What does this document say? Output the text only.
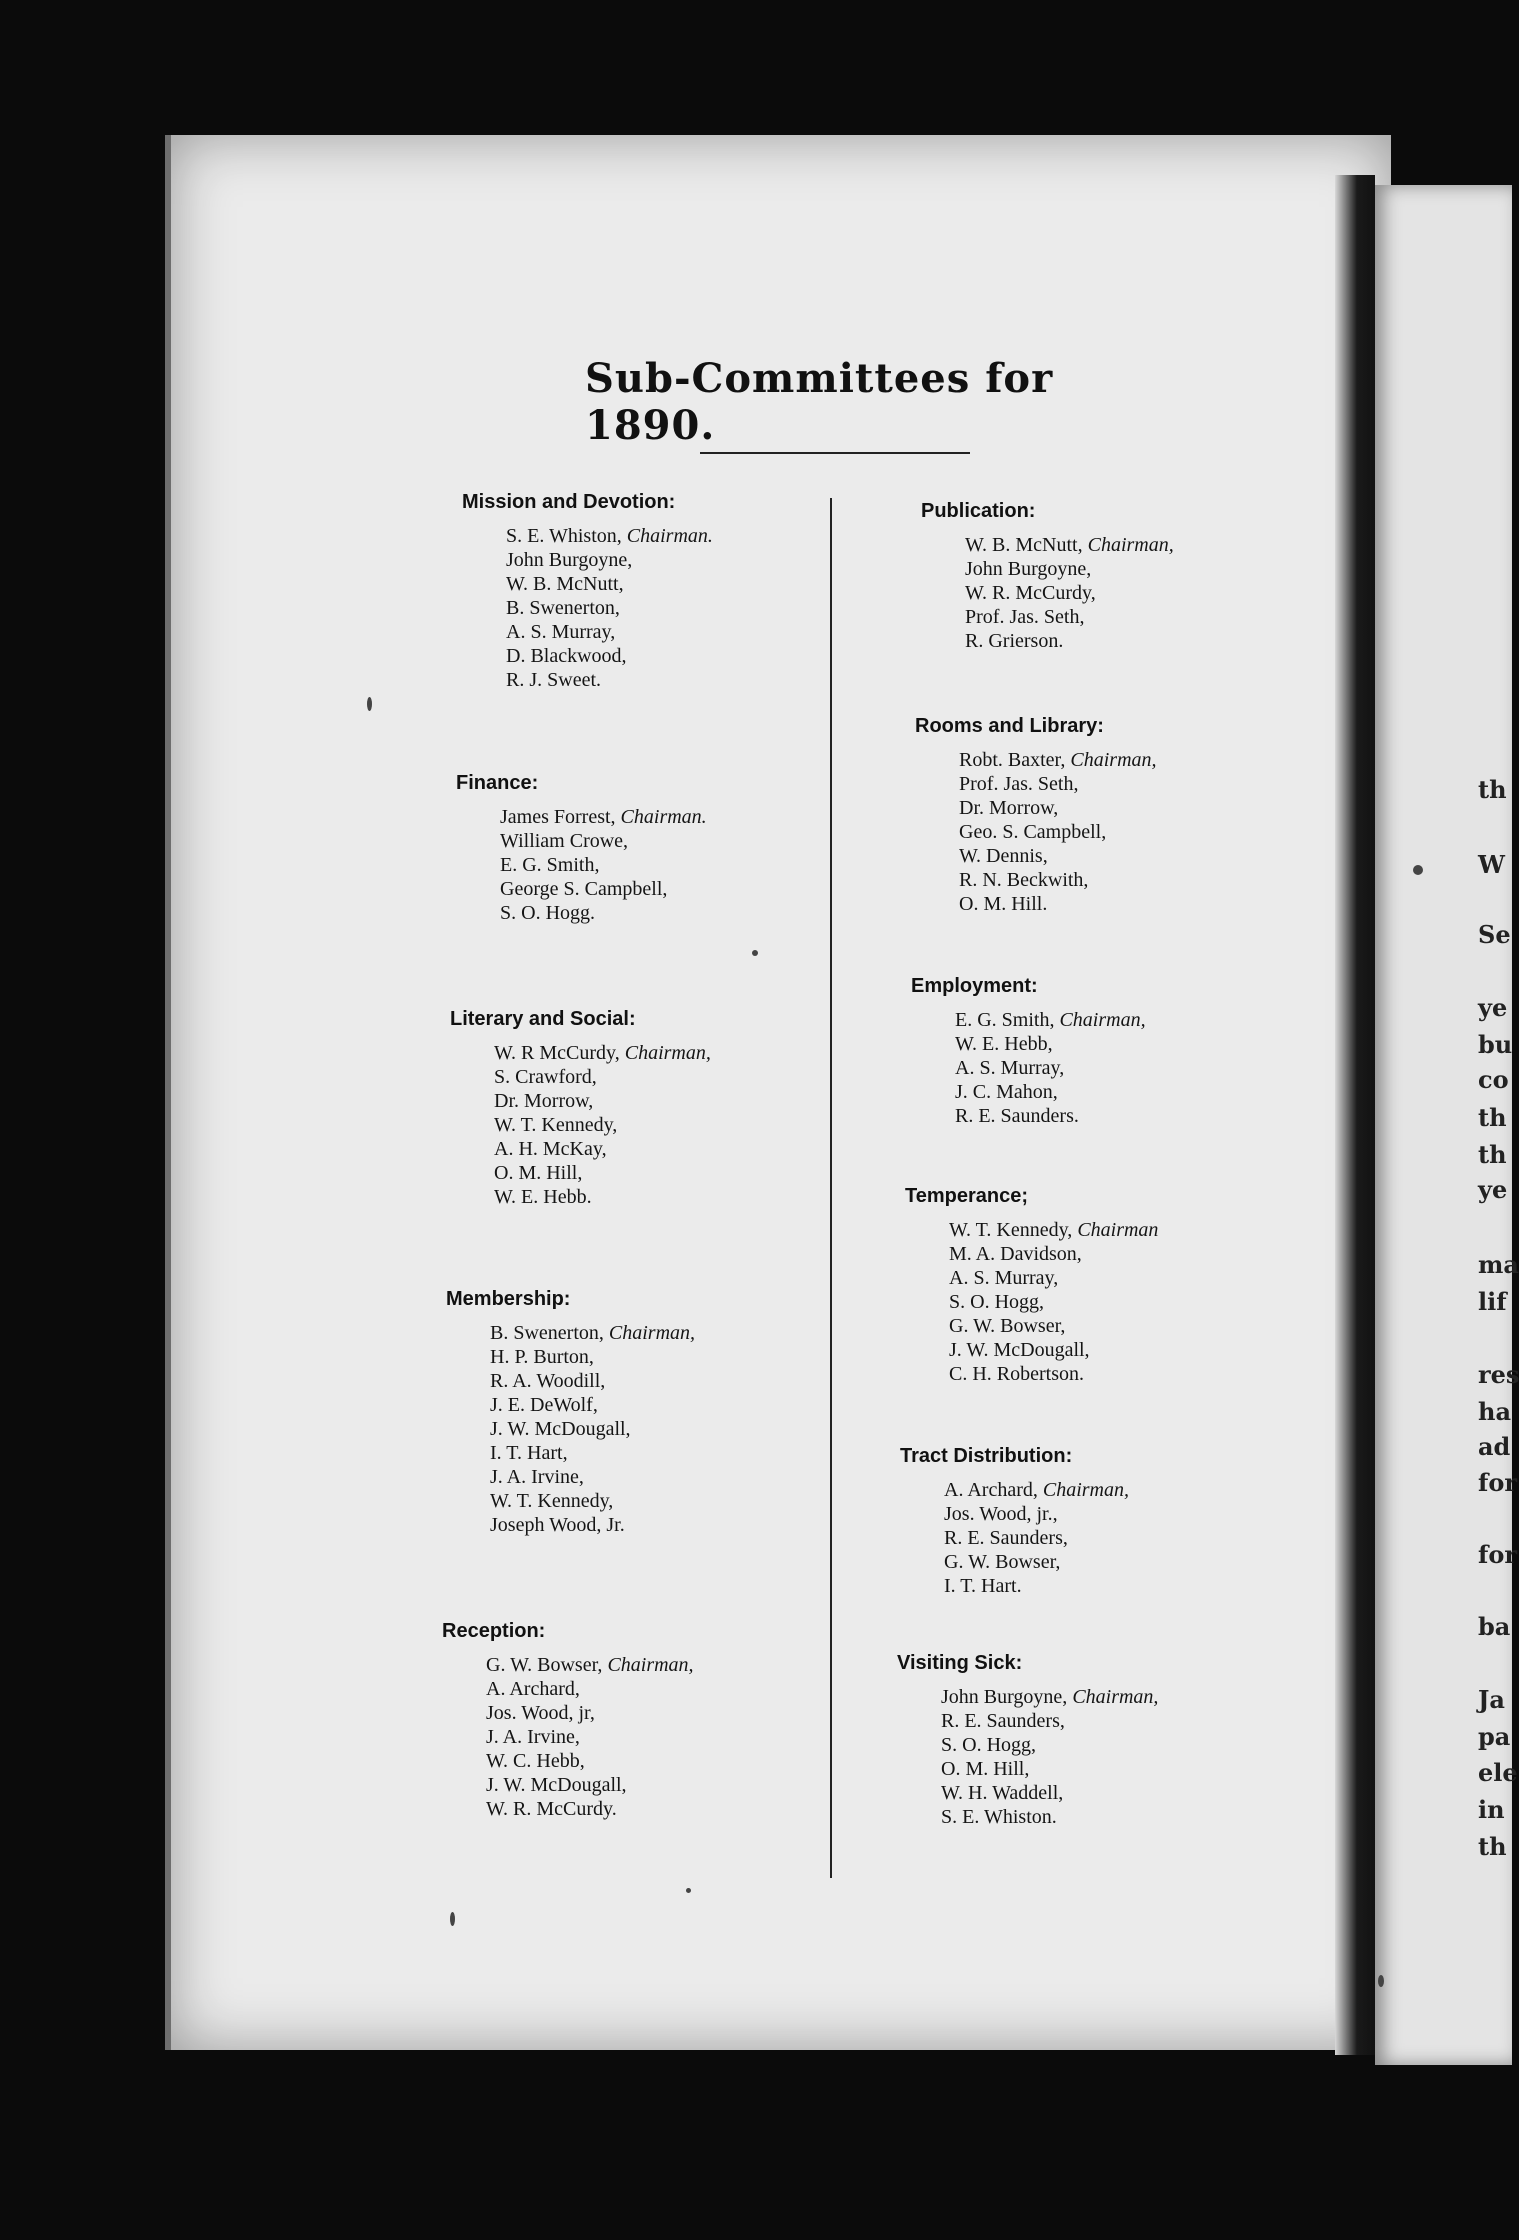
th
W
Se
ye
bu
co
th
th
ye
ma
lif
res
ha
ad
for
for
ba
Ja
pa
ele
in
th
Sub-Committees for 1890.
Mission and Devotion:
S. E. Whiston, Chairman.
John Burgoyne,
W. B. McNutt,
B. Swenerton,
A. S. Murray,
D. Blackwood,
R. J. Sweet.
Finance:
James Forrest, Chairman.
William Crowe,
E. G. Smith,
George S. Campbell,
S. O. Hogg.
Literary and Social:
W. R McCurdy, Chairman,
S. Crawford,
Dr. Morrow,
W. T. Kennedy,
A. H. McKay,
O. M. Hill,
W. E. Hebb.
Membership:
B. Swenerton, Chairman,
H. P. Burton,
R. A. Woodill,
J. E. DeWolf,
J. W. McDougall,
I. T. Hart,
J. A. Irvine,
W. T. Kennedy,
Joseph Wood, Jr.
Reception:
G. W. Bowser, Chairman,
A. Archard,
Jos. Wood, jr,
J. A. Irvine,
W. C. Hebb,
J. W. McDougall,
W. R. McCurdy.
Publication:
W. B. McNutt, Chairman,
John Burgoyne,
W. R. McCurdy,
Prof. Jas. Seth,
R. Grierson.
Rooms and Library:
Robt. Baxter, Chairman,
Prof. Jas. Seth,
Dr. Morrow,
Geo. S. Campbell,
W. Dennis,
R. N. Beckwith,
O. M. Hill.
Employment:
E. G. Smith, Chairman,
W. E. Hebb,
A. S. Murray,
J. C. Mahon,
R. E. Saunders.
Temperance;
W. T. Kennedy, Chairman
M. A. Davidson,
A. S. Murray,
S. O. Hogg,
G. W. Bowser,
J. W. McDougall,
C. H. Robertson.
Tract Distribution:
A. Archard, Chairman,
Jos. Wood, jr.,
R. E. Saunders,
G. W. Bowser,
I. T. Hart.
Visiting Sick:
John Burgoyne, Chairman,
R. E. Saunders,
S. O. Hogg,
O. M. Hill,
W. H. Waddell,
S. E. Whiston.
